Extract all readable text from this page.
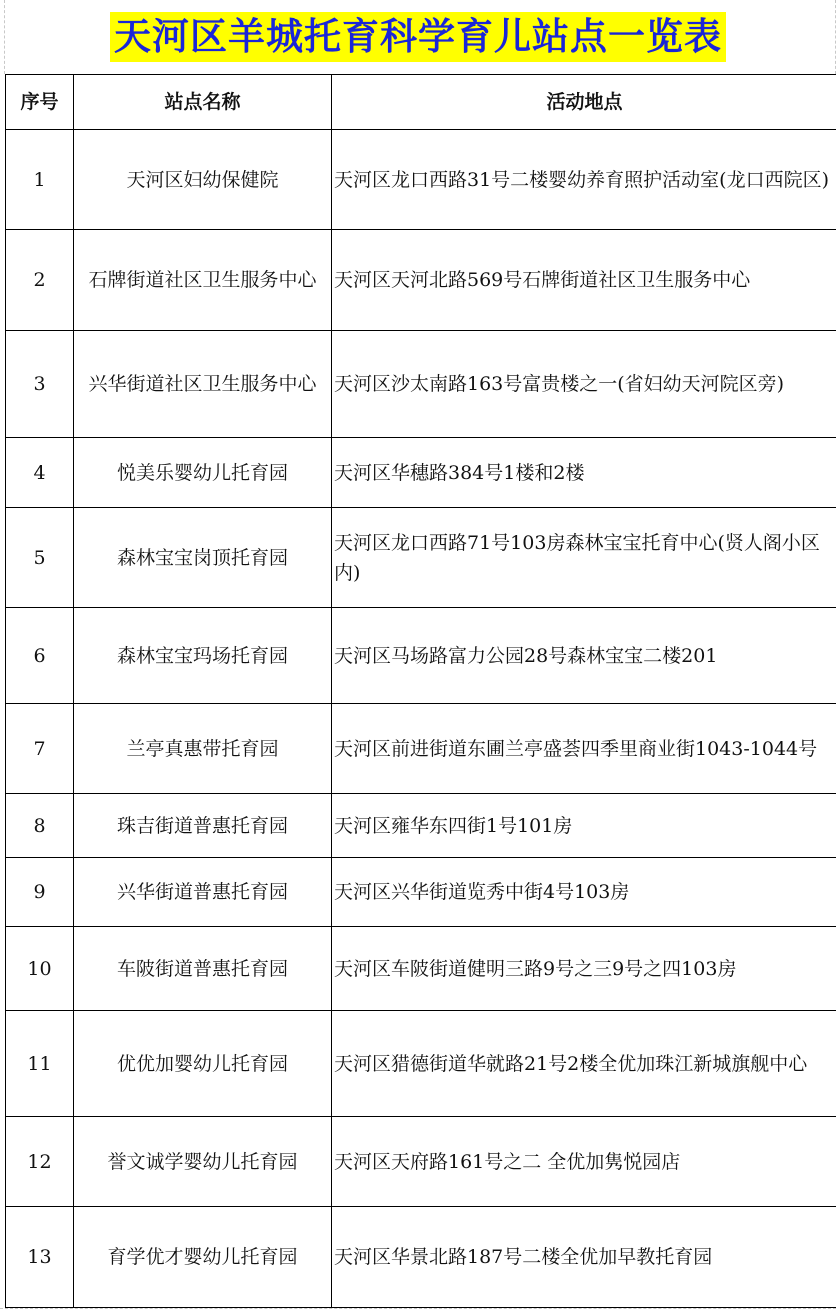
天河区羊城托育科学育儿站点一览表
序号	站点名称	活动地点	
1	天河区妇幼保健院	天河区龙口西路31号二楼婴幼养育照护活动室(龙口西院区)	
2	石牌街道社区卫生服务中心	天河区天河北路569号石牌街道社区卫生服务中心	
3	兴华街道社区卫生服务中心	天河区沙太南路163号富贵楼之一(省妇幼天河院区旁)	
4	悦美乐婴幼儿托育园	天河区华穗路384号1楼和2楼	
5	森林宝宝岗顶托育园	天河区龙口西路71号103房森林宝宝托育中心(贤人阁小区内)	
6	森林宝宝玛场托育园	天河区马场路富力公园28号森林宝宝二楼201	
7	兰亭真惠带托育园	天河区前进街道东圃兰亭盛荟四季里商业街1043-1044号	
8	珠吉街道普惠托育园	天河区雍华东四街1号101房	
9	兴华街道普惠托育园	天河区兴华街道览秀中街4号103房	
10	车陂街道普惠托育园	天河区车陂街道健明三路9号之三9号之四103房	
11	优优加婴幼儿托育园	天河区猎德街道华就路21号2楼全优加珠江新城旗舰中心	
12	誉文诚学婴幼儿托育园	天河区天府路161号之二 全优加隽悦园店	
13	育学优才婴幼儿托育园	天河区华景北路187号二楼全优加早教托育园	
